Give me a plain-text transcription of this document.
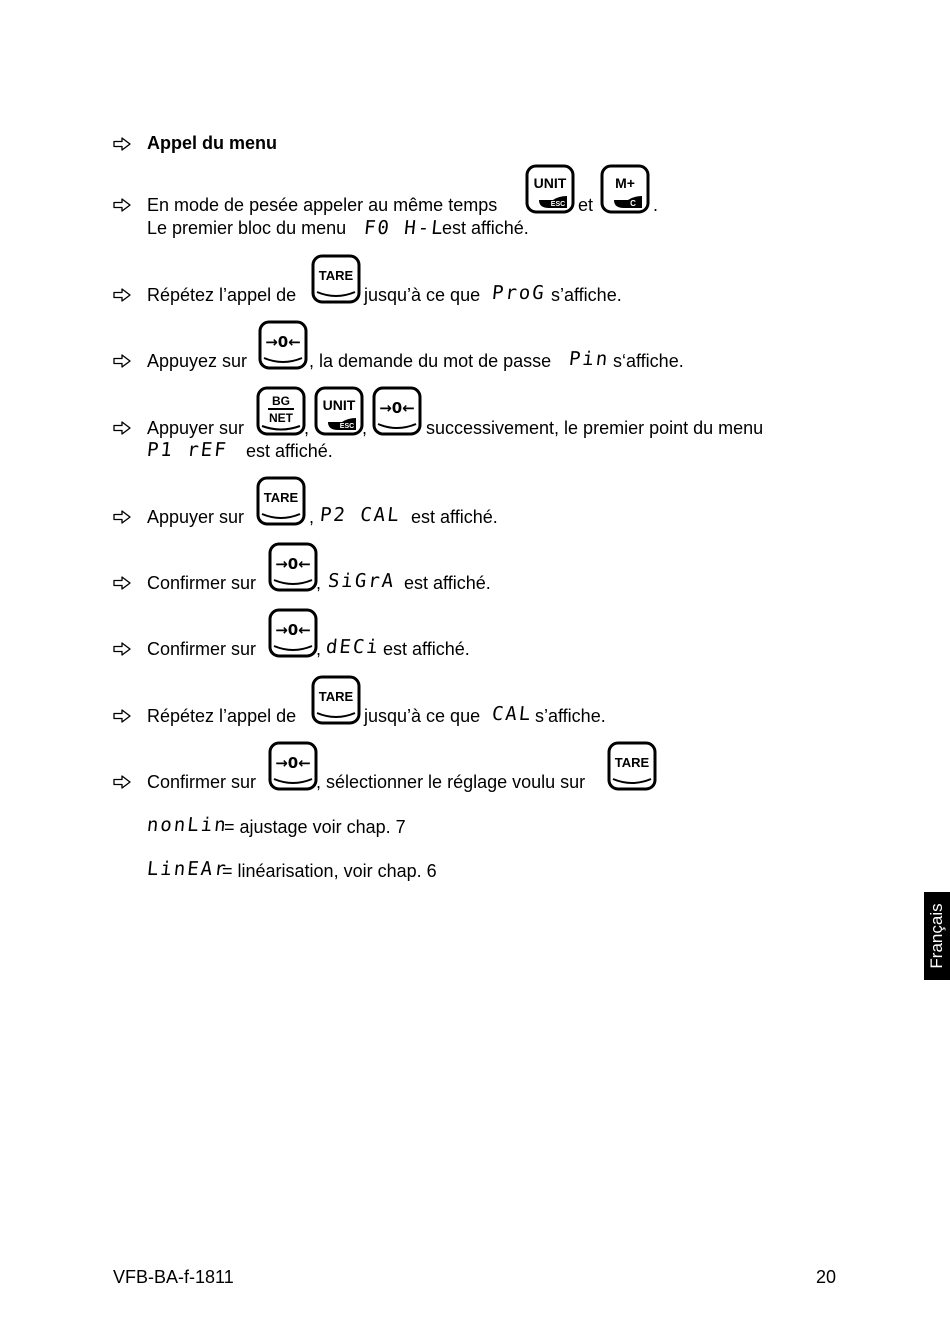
Appel du menu
En mode de pesée appeler au même temps
UNIT
ESC et
M+
C .
Le premier bloc du menu F0 H-L
est affiché.
Répétez l’appel de
TARE
jusqu’à ce que ProG s’affiche.
Appuyez sur
→0←
, la demande du mot de passe Pin s‘affiche.
Appuyer sur
BG
NET ,
UNIT
ESC ,
→0←
successivement, le premier point du menu
P1 rEF est affiché.
Appuyer sur
TARE
, P2 CAL est affiché.
Confirmer sur
→0←
, SiGrA est affiché.
Confirmer sur
→0←
, dECi est affiché.
Répétez l’appel de
TARE
jusqu’à ce que CAL s’affiche.
Confirmer sur
→0←
, sélectionner le réglage voulu sur
TARE
nonLin
= ajustage voir chap. 7
LinEAr
= linéarisation, voir chap. 6
Français
VFB-BA-f-1811	20
